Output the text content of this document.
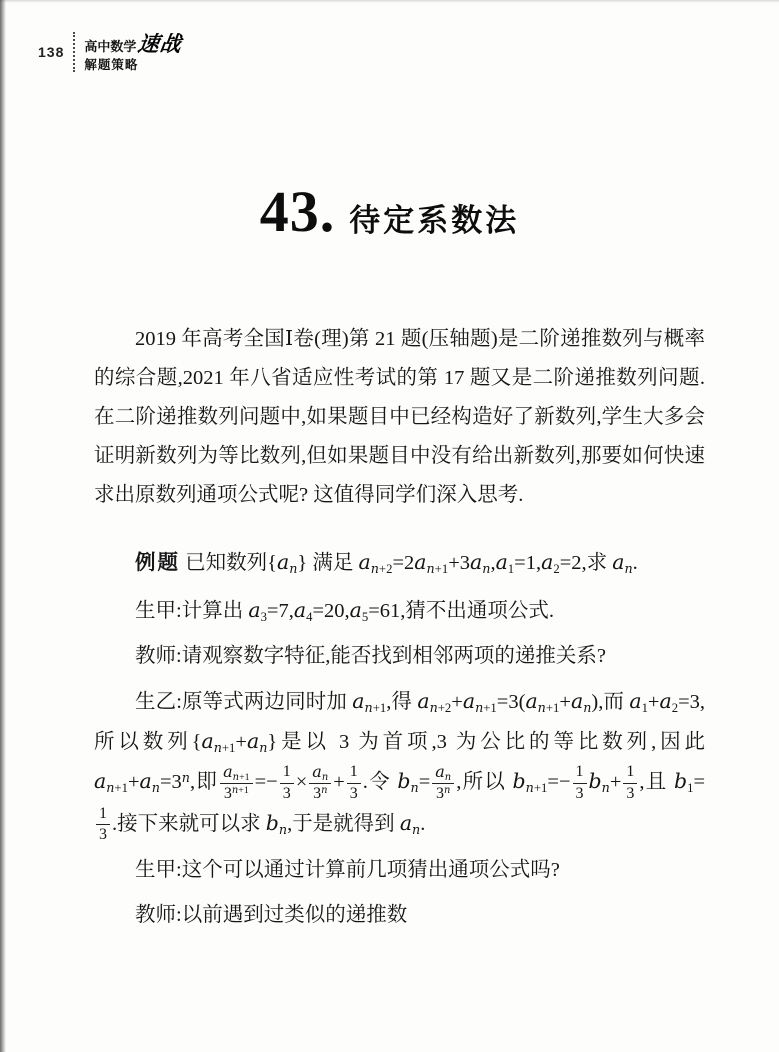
138 高中数学 速战
解题策略
43. 待定系数法

2019 年高考全国Ⅰ卷(理)第 21 题(压轴题)是二阶递推数列与概率的综合题,2021 年八省适应性考试的第 17 题又是二阶递推数列问题.在二阶递推数列问题中,如果题目中已经构造好了新数列,学生大多会证明新数列为等比数列,但如果题目中没有给出新数列,那要如何快速求出原数列通项公式呢? 这值得同学们深入思考.

例题 已知数列$\{a_n\}$ 满足 $a_{n+2}=2a_{n+1}+3a_n,a_1=1,a_2=2$,求 $a_n$.

生甲:计算出 $a_3=7,a_4=20,a_5=61$,猜不出通项公式.

教师:请观察数字特征,能否找到相邻两项的递推关系?

生乙:原等式两边同时加 $a_{n+1}$,得 $a_{n+2}+a_{n+1}=3(a_{n+1}+a_n)$,而 $a_1+a_2=3$,所以数列$\{a_{n+1}+a_n\}$是以 3 为首项,3 为公比的等比数列,因此 $a_{n+1}+a_n=3^n$,即 $\frac{a_{n+1}}{3^{n+1}} =- \frac{1}{3} \times \frac{a_n}{3^n} + \frac{1}{3}$ .令 $b_n= \frac{a_n}{3^n}$ ,所以 $b_{n+1}=- \frac{1}{3} b_n+ \frac{1}{3}$ ,且 $b_1=$
$\frac{1}{3}$ .接下来就可以求 $b_n$,于是就得到 $a_n$.

生甲:这个可以通过计算前几项猜出通项公式吗?

教师:以前遇到过类似的递推数
